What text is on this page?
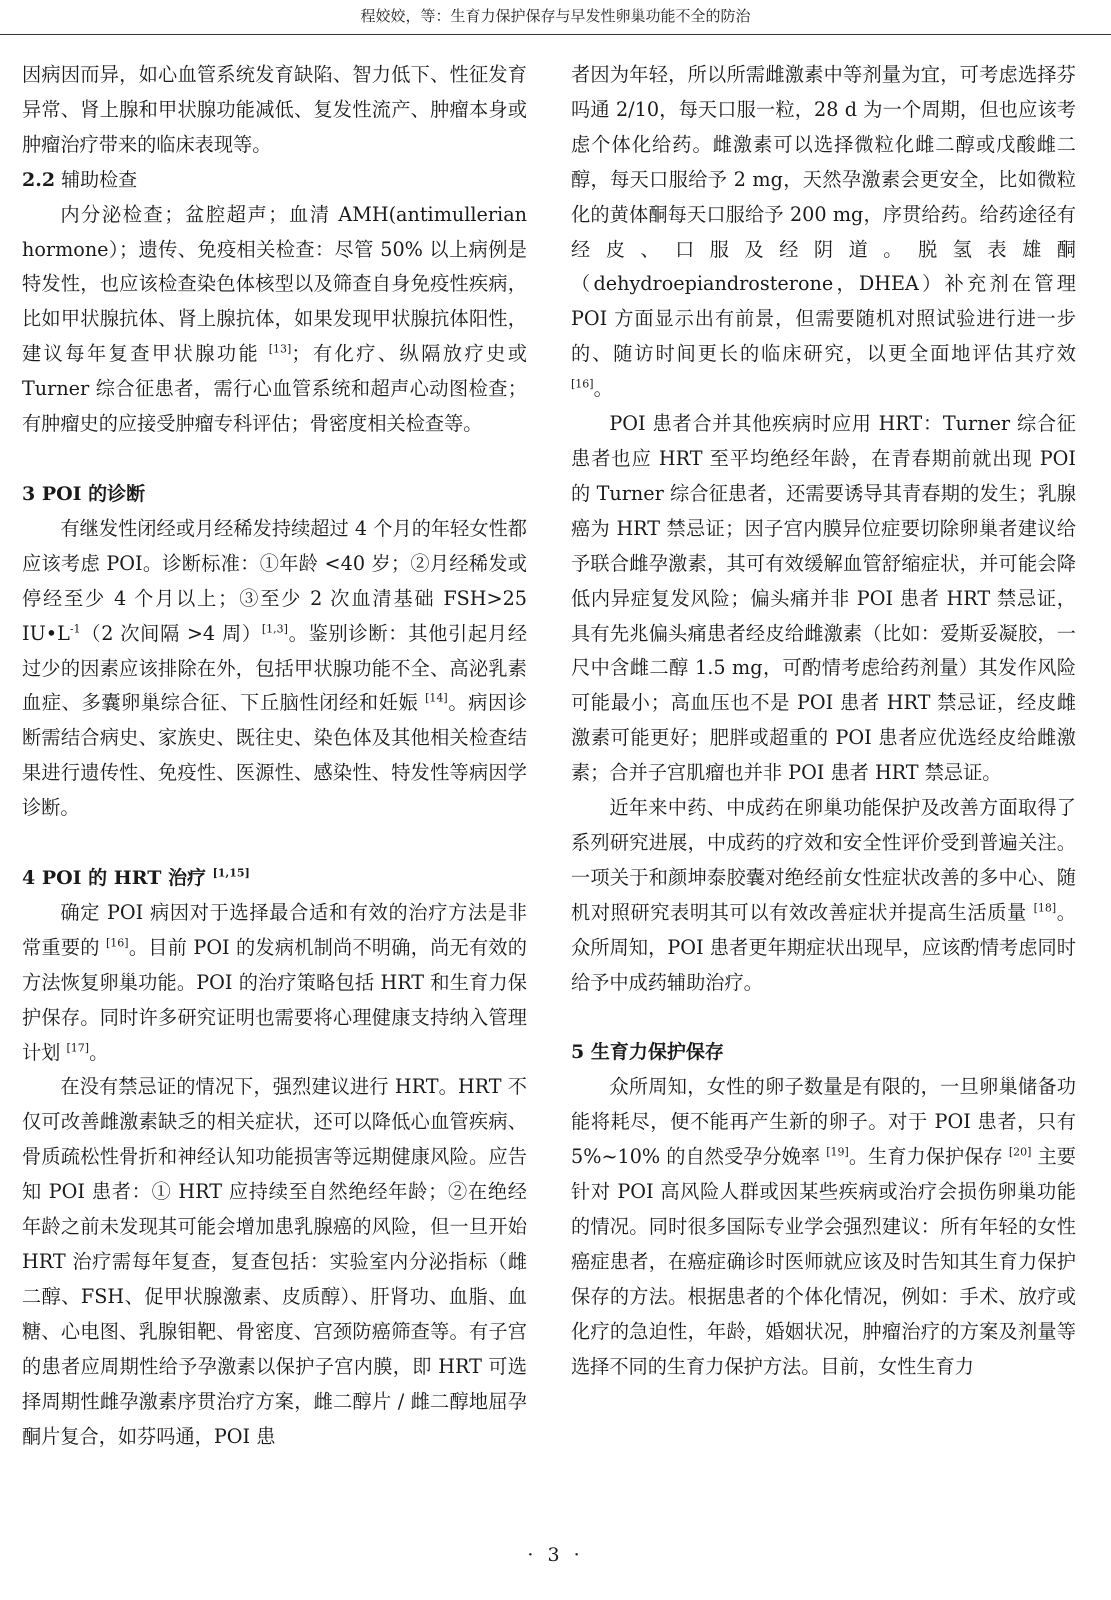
程姣姣，等：生育力保护保存与早发性卵巢功能不全的防治

因病因而异，如心血管系统发育缺陷、智力低下、性征发育异常、肾上腺和甲状腺功能减低、复发性流产、肿瘤本身或肿瘤治疗带来的临床表现等。

2.2 辅助检查

内分泌检查；盆腔超声；血清 AMH(antimullerian hormone）；遗传、免疫相关检查：尽管 50% 以上病例是特发性，也应该检查染色体核型以及筛查自身免疫性疾病，比如甲状腺抗体、肾上腺抗体，如果发现甲状腺抗体阳性，建议每年复查甲状腺功能 [13]；有化疗、纵隔放疗史或 Turner 综合征患者，需行心血管系统和超声心动图检查；有肿瘤史的应接受肿瘤专科评估；骨密度相关检查等。

3 POI 的诊断

有继发性闭经或月经稀发持续超过 4 个月的年轻女性都应该考虑 POI。诊断标准：①年龄 <40 岁；②月经稀发或停经至少 4 个月以上；③至少 2 次血清基础 FSH>25 $IU•L^{-1}(2$ 次间隔 >4 周）[1,3]。鉴别诊断：其他引起月经过少的因素应该排除在外，包括甲状腺功能不全、高泌乳素血症、多囊卵巢综合征、下丘脑性闭经和妊娠 [14]。病因诊断需结合病史、家族史、既往史、染色体及其他相关检查结果进行遗传性、免疫性、医源性、感染性、特发性等病因学诊断。

4 POI 的 HRT 治疗 [1,15]

确定 POI 病因对于选择最合适和有效的治疗方法是非常重要的 [16]。目前 POI 的发病机制尚不明确，尚无有效的方法恢复卵巢功能。POI 的治疗策略包括 HRT 和生育力保护保存。同时许多研究证明也需要将心理健康支持纳入管理计划 [17]。

在没有禁忌证的情况下，强烈建议进行 HRT。HRT 不仅可改善雌激素缺乏的相关症状，还可以降低心血管疾病、骨质疏松性骨折和神经认知功能损害等远期健康风险。应告知 POI 患者：① HRT 应持续至自然绝经年龄；②在绝经年龄之前未发现其可能会增加患乳腺癌的风险，但一旦开始 HRT 治疗需每年复查，复查包括：实验室内分泌指标（雌二醇、FSH、促甲状腺激素、皮质醇）、肝肾功、血脂、血糖、心电图、乳腺钼靶、骨密度、宫颈防癌筛查等。有子宫的患者应周期性给予孕激素以保护子宫内膜，即 HRT 可选择周期性雌孕激素序贯治疗方案，雌二醇片 / 雌二醇地屈孕酮片复合，如芬吗通，POI 患

者因为年轻，所以所需雌激素中等剂量为宜，可考虑选择芬吗通 2/10，每天口服一粒，28 d 为一个周期，但也应该考虑个体化给药。雌激素可以选择微粒化雌二醇或戊酸雌二醇，每天口服给予 2 mg，天然孕激素会更安全，比如微粒化的黄体酮每天口服给予 200 mg，序贯给药。给药途径有经皮、口服及经阴道。脱氢表雄酮（dehydroepiandrosterone，DHEA）补充剂在管理 POI 方面显示出有前景，但需要随机对照试验进行进一步的、随访时间更长的临床研究，以更全面地评估其疗效 [16]。

POI 患者合并其他疾病时应用 HRT：Turner 综合征患者也应 HRT 至平均绝经年龄，在青春期前就出现 POI 的 Turner 综合征患者，还需要诱导其青春期的发生；乳腺癌为 HRT 禁忌证；因子宫内膜异位症要切除卵巢者建议给予联合雌孕激素，其可有效缓解血管舒缩症状，并可能会降低内异症复发风险；偏头痛并非 POI 患者 HRT 禁忌证，具有先兆偏头痛患者经皮给雌激素（比如：爱斯妥凝胶，一尺中含雌二醇 1.5 mg，可酌情考虑给药剂量）其发作风险可能最小；高血压也不是 POI 患者 HRT 禁忌证，经皮雌激素可能更好；肥胖或超重的 POI 患者应优选经皮给雌激素；合并子宫肌瘤也并非 POI 患者 HRT 禁忌证。

近年来中药、中成药在卵巢功能保护及改善方面取得了系列研究进展，中成药的疗效和安全性评价受到普遍关注。一项关于和颜坤泰胶囊对绝经前女性症状改善的多中心、随机对照研究表明其可以有效改善症状并提高生活质量 [18]。众所周知，POI 患者更年期症状出现早，应该酌情考虑同时给予中成药辅助治疗。

5 生育力保护保存

众所周知，女性的卵子数量是有限的，一旦卵巢储备功能将耗尽，便不能再产生新的卵子。对于 POI 患者，只有 5%~10% 的自然受孕分娩率 [19]。生育力保护保存 [20] 主要针对 POI 高风险人群或因某些疾病或治疗会损伤卵巢功能的情况。同时很多国际专业学会强烈建议：所有年轻的女性癌症患者，在癌症确诊时医师就应该及时告知其生育力保护保存的方法。根据患者的个体化情况，例如：手术、放疗或化疗的急迫性，年龄，婚姻状况，肿瘤治疗的方案及剂量等选择不同的生育力保护方法。目前，女性生育力

· 3 ·
